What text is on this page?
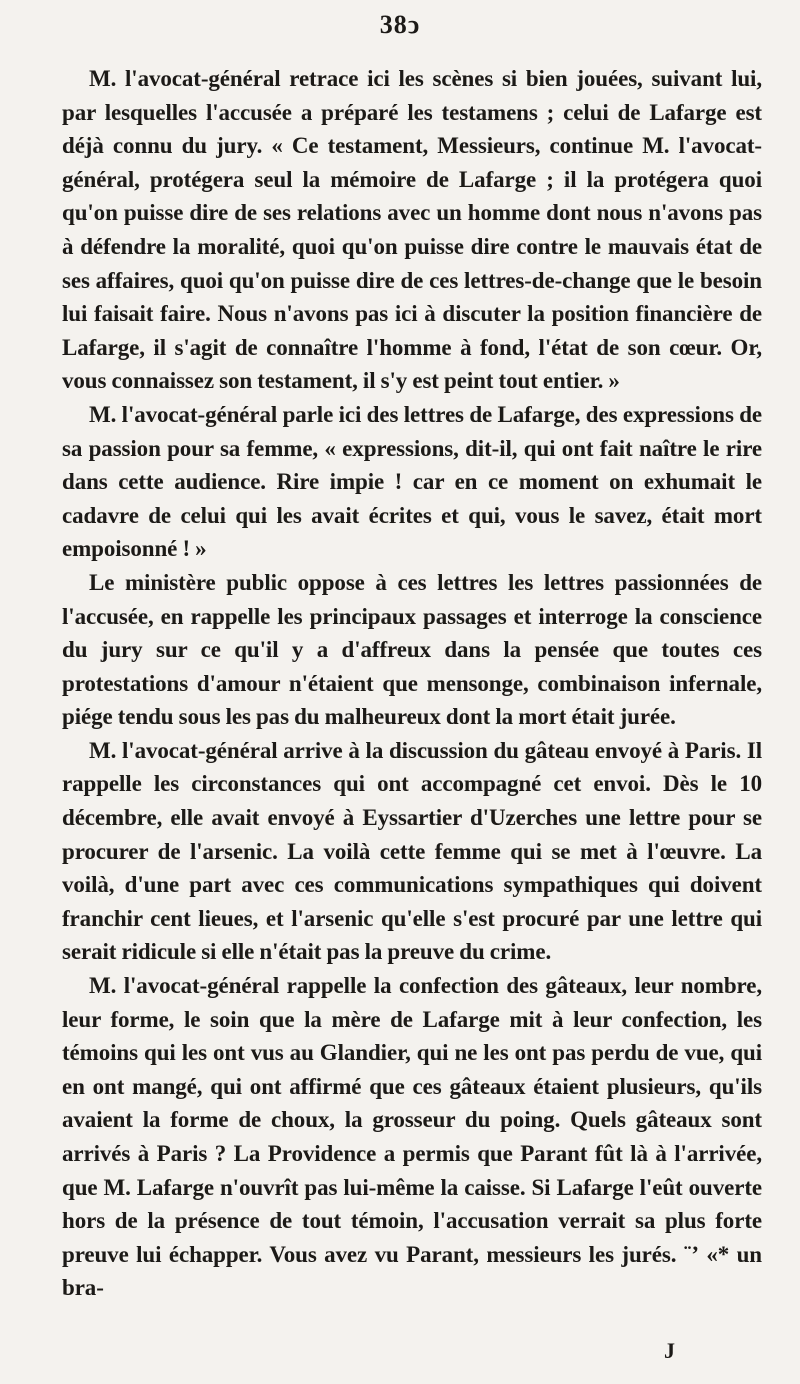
38ͻ

M. l'avocat-général retrace ici les scènes si bien jouées, suivant lui, par lesquelles l'accusée a préparé les testamens ; celui de Lafarge est déjà connu du jury. « Ce testament, Messieurs, continue M. l'avocat-général, protégera seul la mémoire de Lafarge ; il la protégera quoi qu'on puisse dire de ses relations avec un homme dont nous n'avons pas à défendre la moralité, quoi qu'on puisse dire contre le mauvais état de ses affaires, quoi qu'on puisse dire de ces lettres-de-change que le besoin lui faisait faire. Nous n'avons pas ici à discuter la position financière de Lafarge, il s'agit de connaître l'homme à fond, l'état de son cœur. Or, vous connaissez son testament, il s'y est peint tout entier. »

M. l'avocat-général parle ici des lettres de Lafarge, des expressions de sa passion pour sa femme, « expressions, dit-il, qui ont fait naître le rire dans cette audience. Rire impie ! car en ce moment on exhumait le cadavre de celui qui les avait écrites et qui, vous le savez, était mort empoisonné ! »

Le ministère public oppose à ces lettres les lettres passionnées de l'accusée, en rappelle les principaux passages et interroge la conscience du jury sur ce qu'il y a d'affreux dans la pensée que toutes ces protestations d'amour n'étaient que mensonge, combinaison infernale, piége tendu sous les pas du malheureux dont la mort était jurée.

M. l'avocat-général arrive à la discussion du gâteau envoyé à Paris. Il rappelle les circonstances qui ont accompagné cet envoi. Dès le 10 décembre, elle avait envoyé à Eyssartier d'Uzerches une lettre pour se procurer de l'arsenic. La voilà cette femme qui se met à l'œuvre. La voilà, d'une part avec ces communications sympathiques qui doivent franchir cent lieues, et l'arsenic qu'elle s'est procuré par une lettre qui serait ridicule si elle n'était pas la preuve du crime.

M. l'avocat-général rappelle la confection des gâteaux, leur nombre, leur forme, le soin que la mère de Lafarge mit à leur confection, les témoins qui les ont vus au Glandier, qui ne les ont pas perdu de vue, qui en ont mangé, qui ont affirmé que ces gâteaux étaient plusieurs, qu'ils avaient la forme de choux, la grosseur du poing. Quels gâteaux sont arrivés à Paris ? La Providence a permis que Parant fût là à l'arrivée, que M. Lafarge n'ouvrît pas lui-même la caisse. Si Lafarge l'eût ouverte hors de la présence de tout témoin, l'accusation verrait sa plus forte preuve lui échapper. Vous avez vu Parant, messieurs les jurés. ¨ʼ «* un bra-

J
